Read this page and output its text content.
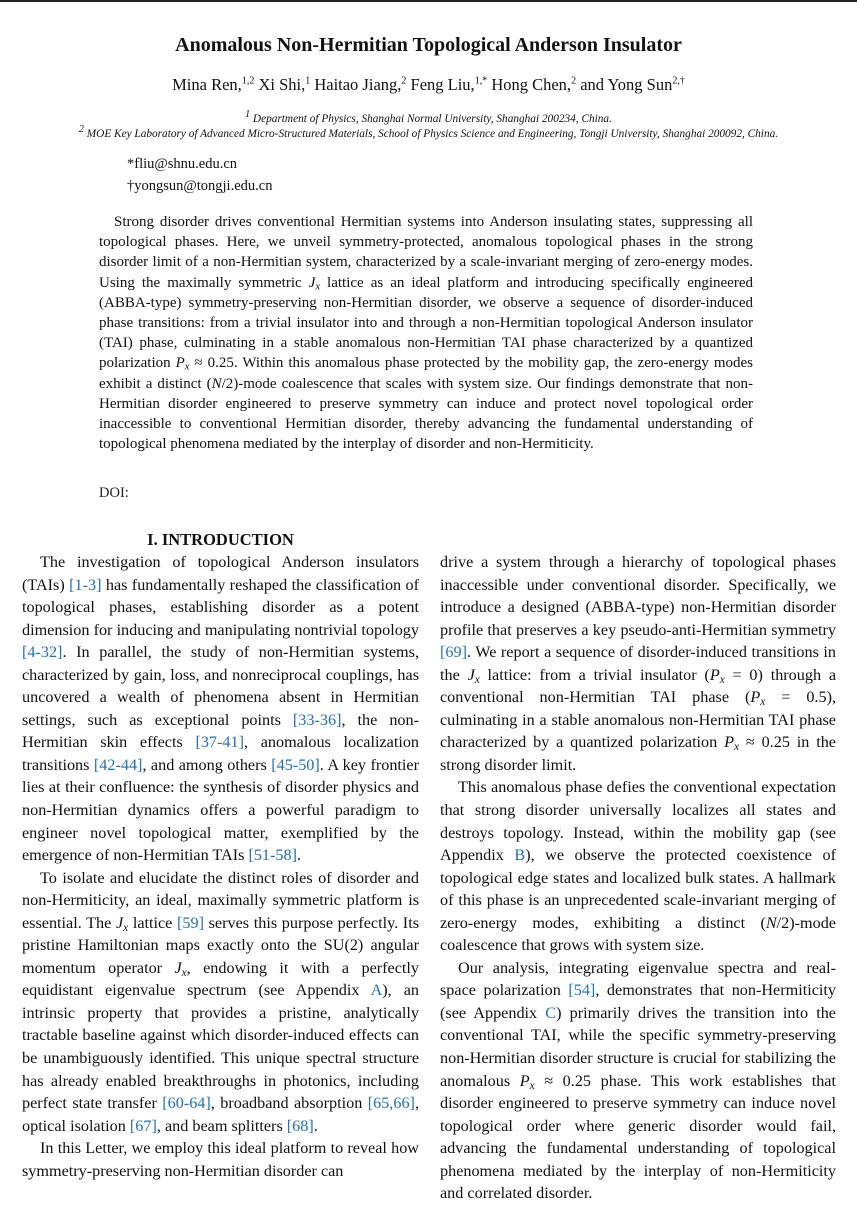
Anomalous Non-Hermitian Topological Anderson Insulator
Mina Ren,$^{1,2}$ Xi Shi,$^1$ Haitao Jiang,$^2$ Feng Liu,$^{1,*}$ Hong Chen,$^2$ and Yong Sun$^{2,\dagger}$
$^1$ Department of Physics, Shanghai Normal University, Shanghai 200234, China.
$^2$ MOE Key Laboratory of Advanced Micro-Structured Materials, School of Physics Science and Engineering, Tongji University, Shanghai 200092, China.
*fliu@shnu.edu.cn
†yongsun@tongji.edu.cn
Strong disorder drives conventional Hermitian systems into Anderson insulating states, suppressing all topological phases. Here, we unveil symmetry-protected, anomalous topological phases in the strong disorder limit of a non-Hermitian system, characterized by a scale-invariant merging of zero-energy modes. Using the maximally symmetric $J_x$ lattice as an ideal platform and introducing specifically engineered (ABBA-type) symmetry-preserving non-Hermitian disorder, we observe a sequence of disorder-induced phase transitions: from a trivial insulator into and through a non-Hermitian topological Anderson insulator (TAI) phase, culminating in a stable anomalous non-Hermitian TAI phase characterized by a quantized polarization $P_x \approx 0.25$. Within this anomalous phase protected by the mobility gap, the zero-energy modes exhibit a distinct (N/2)-mode coalescence that scales with system size. Our findings demonstrate that non-Hermitian disorder engineered to preserve symmetry can induce and protect novel topological order inaccessible to conventional Hermitian disorder, thereby advancing the fundamental understanding of topological phenomena mediated by the interplay of disorder and non-Hermiticity.
DOI:
I. INTRODUCTION

The investigation of topological Anderson insulators (TAIs) [1-3] has fundamentally reshaped the classification of topological phases, establishing disorder as a potent dimension for inducing and manipulating nontrivial topology [4-32]. In parallel, the study of non-Hermitian systems, characterized by gain, loss, and nonreciprocal couplings, has uncovered a wealth of phenomena absent in Hermitian settings, such as exceptional points [33-36], the non-Hermitian skin effects [37-41], anomalous localization transitions [42-44], and among others [45-50]. A key frontier lies at their confluence: the synthesis of disorder physics and non-Hermitian dynamics offers a powerful paradigm to engineer novel topological matter, exemplified by the emergence of non-Hermitian TAIs [51-58].

To isolate and elucidate the distinct roles of disorder and non-Hermiticity, an ideal, maximally symmetric platform is essential. The $J_x$ lattice [59] serves this purpose perfectly. Its pristine Hamiltonian maps exactly onto the SU(2) angular momentum operator $J_x$, endowing it with a perfectly equidistant eigenvalue spectrum (see Appendix A), an intrinsic property that provides a pristine, analytically tractable baseline against which disorder-induced effects can be unambiguously identified. This unique spectral structure has already enabled breakthroughs in photonics, including perfect state transfer [60-64], broadband absorption [65,66], optical isolation [67], and beam splitters [68].

In this Letter, we employ this ideal platform to reveal how symmetry-preserving non-Hermitian disorder can

drive a system through a hierarchy of topological phases inaccessible under conventional disorder. Specifically, we introduce a designed (ABBA-type) non-Hermitian disorder profile that preserves a key pseudo-anti-Hermitian symmetry [69]. We report a sequence of disorder-induced transitions in the $J_x$ lattice: from a trivial insulator $(P_x = 0)$ through a conventional non-Hermitian TAI phase $(P_x = 0.5)$, culminating in a stable anomalous non-Hermitian TAI phase characterized by a quantized polarization $P_x \approx 0.25$ in the strong disorder limit.

This anomalous phase defies the conventional expectation that strong disorder universally localizes all states and destroys topology. Instead, within the mobility gap (see Appendix B), we observe the protected coexistence of topological edge states and localized bulk states. A hallmark of this phase is an unprecedented scale-invariant merging of zero-energy modes, exhibiting a distinct (N/2)-mode coalescence that grows with system size.

Our analysis, integrating eigenvalue spectra and real-space polarization [54], demonstrates that non-Hermiticity (see Appendix C) primarily drives the transition into the conventional TAI, while the specific symmetry-preserving non-Hermitian disorder structure is crucial for stabilizing the anomalous $P_x \approx 0.25$ phase. This work establishes that disorder engineered to preserve symmetry can induce novel topological order where generic disorder would fail, advancing the fundamental understanding of topological phenomena mediated by the interplay of non-Hermiticity and correlated disorder.
